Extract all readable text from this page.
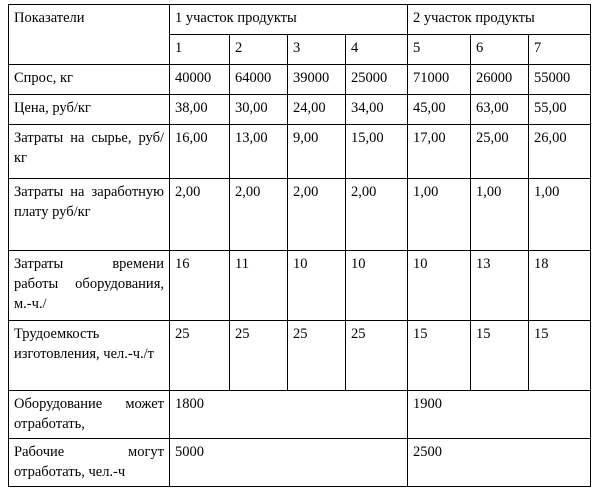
Показатели	1 участок продукты				2 участок продукты		
	1	2	3	4	5	6	7
Спрос, кг	40000	64000	39000	25000	71000	26000	55000
Цена, руб/кг	38,00	30,00	24,00	34,00	45,00	63,00	55,00
Затраты на сырье, руб/кг	16,00	13,00	9,00	15,00	17,00	25,00	26,00
Затраты на заработную плату руб/кг	2,00	2,00	2,00	2,00	1,00	1,00	1,00
Затраты времени работы оборудования, м.-ч./	16	11	10	10	10	13	18
Трудоемкость изготовления, чел.-ч./т	25	25	25	25	15	15	15
Оборудование может отработать,	1800				1900		
Рабочие могут отработать, чел.-ч	5000				2500		
